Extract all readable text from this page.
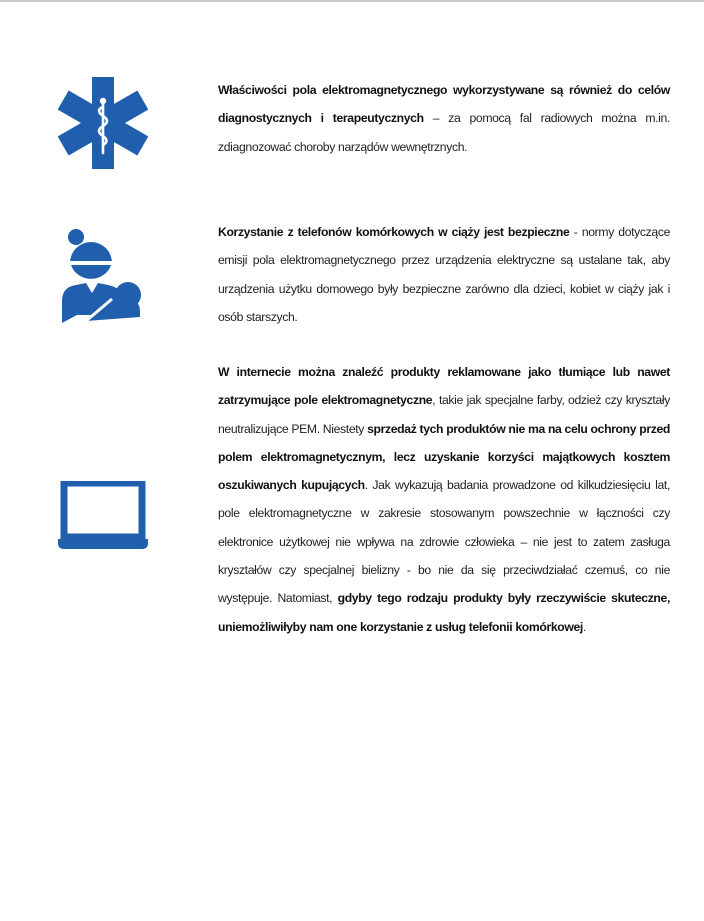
Właściwości pola elektromagnetycznego wykorzystywane są również do celów diagnostycznych i terapeutycznych – za pomocą fal radiowych można m.in. zdiagnozować choroby narządów wewnętrznych.

Korzystanie z telefonów komórkowych w ciąży jest bezpieczne - normy dotyczące emisji pola elektromagnetycznego przez urządzenia elektryczne są ustalane tak, aby urządzenia użytku domowego były bezpieczne zarówno dla dzieci, kobiet w ciąży jak i osób starszych.

W internecie można znaleźć produkty reklamowane jako tłumiące lub nawet zatrzymujące pole elektromagnetyczne, takie jak specjalne farby, odzież czy kryształy neutralizujące PEM. Niestety sprzedaż tych produktów nie ma na celu ochrony przed polem elektromagnetycznym, lecz uzyskanie korzyści majątkowych kosztem oszukiwanych kupujących. Jak wykazują badania prowadzone od kilkudziesięciu lat, pole elektromagnetyczne w zakresie stosowanym powszechnie w łączności czy elektronice użytkowej nie wpływa na zdrowie człowieka – nie jest to zatem zasługa kryształów czy specjalnej bielizny - bo nie da się przeciwdziałać czemuś, co nie występuje. Natomiast, gdyby tego rodzaju produkty były rzeczywiście skuteczne, uniemożliwiłyby nam one korzystanie z usług telefonii komórkowej.
